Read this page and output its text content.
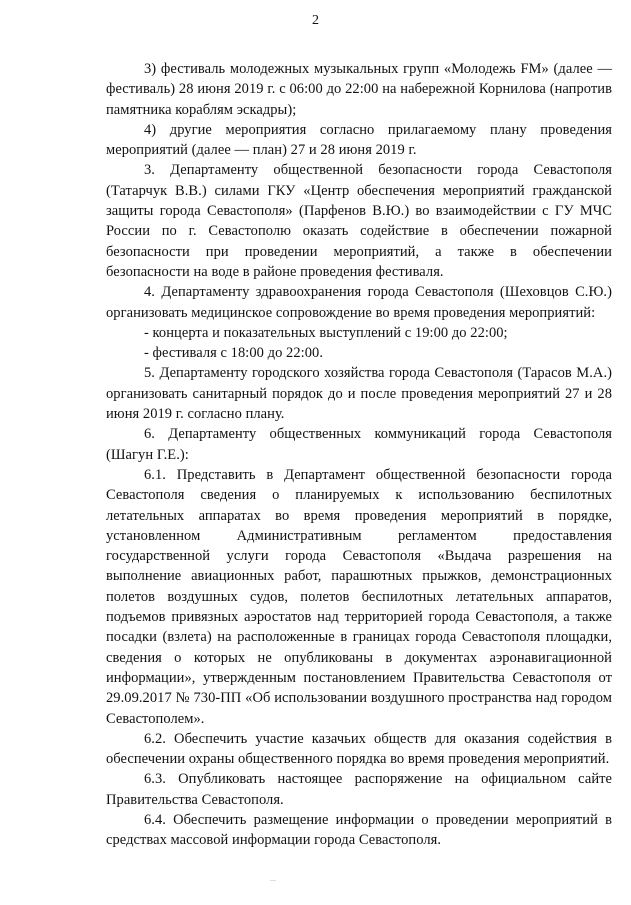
2

3) фестиваль молодежных музыкальных групп «Молодежь FM» (далее — фестиваль) 28 июня 2019 г. с 06:00 до 22:00 на набережной Корнилова (напротив памятника кораблям эскадры);

4) другие мероприятия согласно прилагаемому плану проведения мероприятий (далее — план) 27 и 28 июня 2019 г.

3. Департаменту общественной безопасности города Севастополя (Татарчук В.В.) силами ГКУ «Центр обеспечения мероприятий гражданской защиты города Севастополя» (Парфенов В.Ю.) во взаимодействии с ГУ МЧС России по г. Севастополю оказать содействие в обеспечении пожарной безопасности при проведении мероприятий, а также в обеспечении безопасности на воде в районе проведения фестиваля.

4. Департаменту здравоохранения города Севастополя (Шеховцов С.Ю.) организовать медицинское сопровождение во время проведения мероприятий:

- концерта и показательных выступлений с 19:00 до 22:00;

- фестиваля с 18:00 до 22:00.

5. Департаменту городского хозяйства города Севастополя (Тарасов М.А.) организовать санитарный порядок до и после проведения мероприятий 27 и 28 июня 2019 г. согласно плану.

6. Департаменту общественных коммуникаций города Севастополя (Шагун Г.Е.):

6.1. Представить в Департамент общественной безопасности города Севастополя сведения о планируемых к использованию беспилотных летательных аппаратах во время проведения мероприятий в порядке, установленном Административным регламентом предоставления государственной услуги города Севастополя «Выдача разрешения на выполнение авиационных работ, парашютных прыжков, демонстрационных полетов воздушных судов, полетов беспилотных летательных аппаратов, подъемов привязных аэростатов над территорией города Севастополя, а также посадки (взлета) на расположенные в границах города Севастополя площадки, сведения о которых не опубликованы в документах аэронавигационной информации», утвержденным постановлением Правительства Севастополя от 29.09.2017 № 730-ПП «Об использовании воздушного пространства над городом Севастополем».

6.2. Обеспечить участие казачьих обществ для оказания содействия в обеспечении охраны общественного порядка во время проведения мероприятий.

6.3. Опубликовать настоящее распоряжение на официальном сайте Правительства Севастополя.

6.4. Обеспечить размещение информации о проведении мероприятий в средствах массовой информации города Севастополя.
